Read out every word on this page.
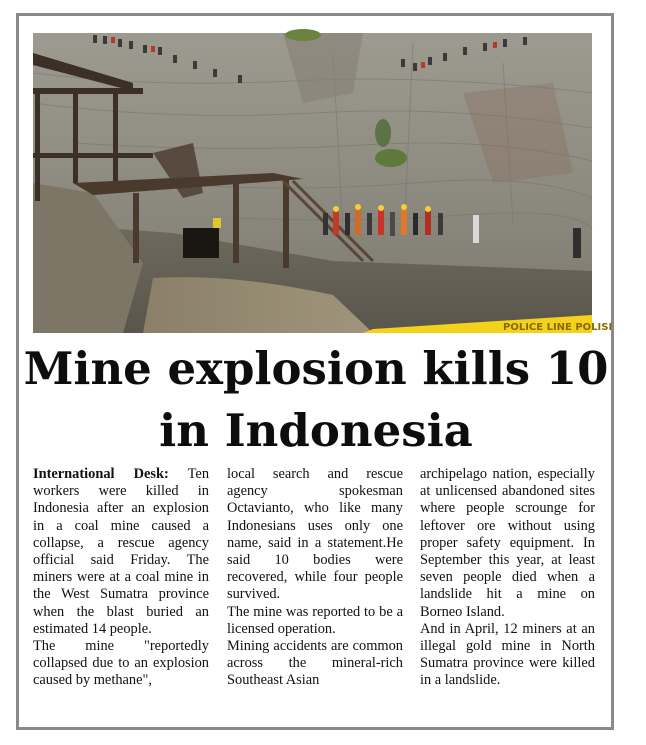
POLICE LINE POLISI
Mine explosion kills 10 in Indonesia

International Desk: Ten workers were killed in Indonesia after an explosion in a coal mine caused a collapse, a rescue agency official said Friday. The miners were at a coal mine in the West Sumatra province when the blast buried an estimated 14 people.

The mine "reportedly collapsed due to an explosion caused by methane",

local search and rescue agency spokesman Octavianto, who like many Indonesians uses only one name, said in a statement.He said 10 bodies were recovered, while four people survived.

The mine was reported to be a licensed operation.

Mining accidents are common across the mineral-rich Southeast Asian

archipelago nation, especially at unlicensed abandoned sites where people scrounge for leftover ore without using proper safety equipment. In September this year, at least seven people died when a landslide hit a mine on Borneo Island.

And in April, 12 miners at an illegal gold mine in North Sumatra province were killed in a landslide.
